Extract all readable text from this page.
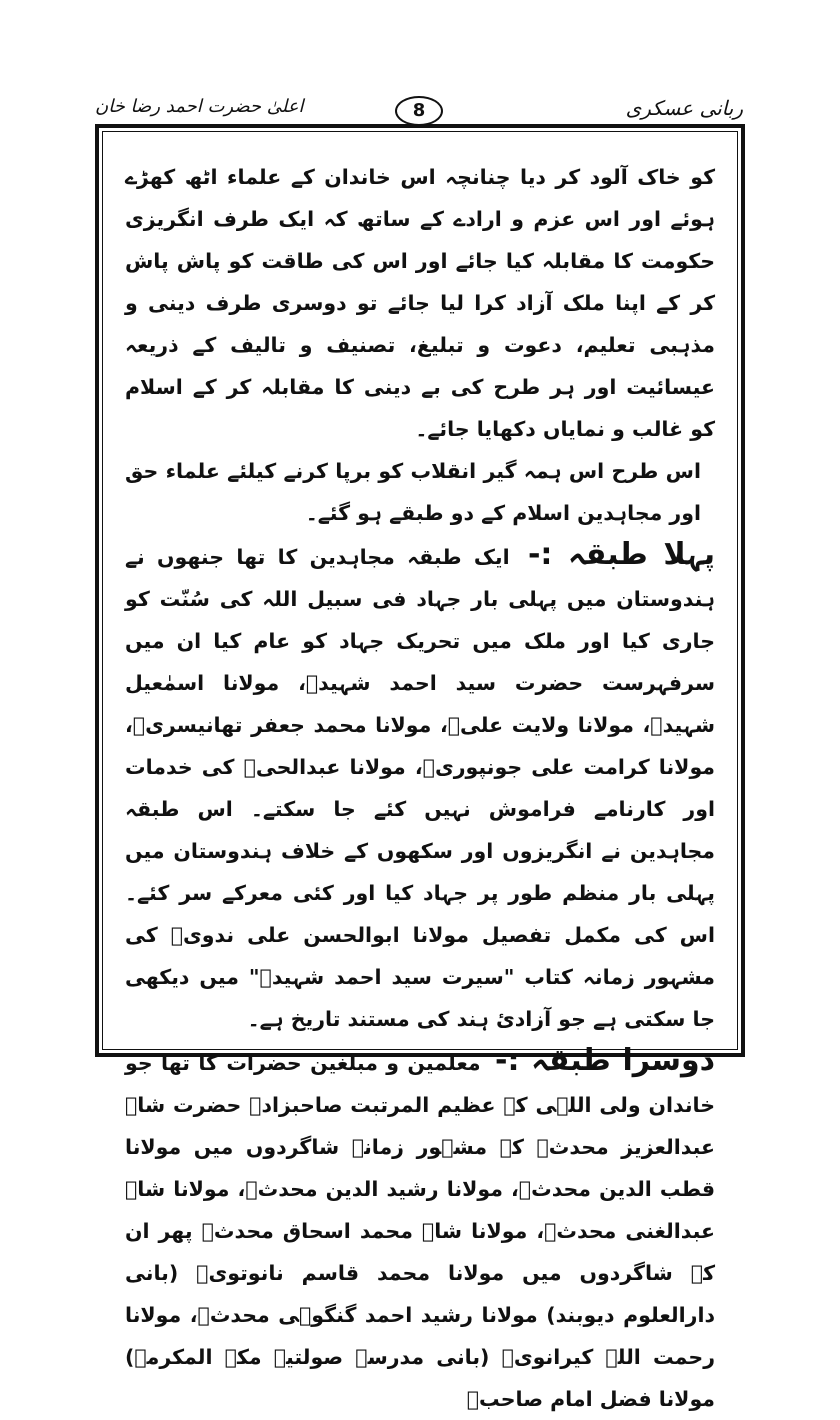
ربانی عسکری
8
اعلیٰ حضرت احمد رضا خان

کو خاک آلود کر دیا چنانچہ اس خاندان کے علماء اٹھ کھڑے ہوئے اور اس عزم و ارادے کے ساتھ کہ ایک طرف انگریزی حکومت کا مقابلہ کیا جائے اور اس کی طاقت کو پاش پاش کر کے اپنا ملک آزاد کرا لیا جائے تو دوسری طرف دینی و مذہبی تعلیم، دعوت و تبلیغ، تصنیف و تالیف کے ذریعہ عیسائیت اور ہر طرح کی بے دینی کا مقابلہ کر کے اسلام کو غالب و نمایاں دکھایا جائے۔

اس طرح اس ہمہ گیر انقلاب کو برپا کرنے کیلئے علماء حق اور مجاہدین اسلام کے دو طبقے ہو گئے۔

پہلا طبقہ :- ایک طبقہ مجاہدین کا تھا جنھوں نے ہندوستان میں پہلی بار جہاد فی سبیل اللہ کی سُنّت کو جاری کیا اور ملک میں تحریک جہاد کو عام کیا ان میں سرفہرست حضرت سید احمد شہیدؒ، مولانا اسمٰعیل شہیدؒ، مولانا ولایت علیؒ، مولانا محمد جعفر تھانیسریؒ، مولانا کرامت علی جونپوریؒ، مولانا عبدالحیؒ کی خدمات اور کارنامے فراموش نہیں کئے جا سکتے۔ اس طبقہ مجاہدین نے انگریزوں اور سکھوں کے خلاف ہندوستان میں پہلی بار منظم طور پر جہاد کیا اور کئی معرکے سر کئے۔ اس کی مکمل تفصیل مولانا ابوالحسن علی ندویؒ کی مشہور زمانہ کتاب "سیرت سید احمد شہیدؒ" میں دیکھی جا سکتی ہے جو آزادیٔ ہند کی مستند تاریخ ہے۔

دوسرا طبقہ :- معلمین و مبلغین حضرات کا تھا جو خاندان ولی اللہی کے عظیم المرتبت صاحبزادے حضرت شاہ عبدالعزیز محدثؒ کے مشہور زمانہ شاگردوں میں مولانا قطب الدین محدثؒ، مولانا رشید الدین محدثؒ، مولانا شاہ عبدالغنی محدثؒ، مولانا شاہ محمد اسحاق محدثؒ پھر ان کے شاگردوں میں مولانا محمد قاسم نانوتویؒ (بانی دارالعلوم دیوبند) مولانا رشید احمد گنگوہی محدثؒ، مولانا رحمت اللہ کیرانویؒ (بانی مدرسہ صولتیہ مکۃ المکرمہ) مولانا فضل امام صاحبؒ
